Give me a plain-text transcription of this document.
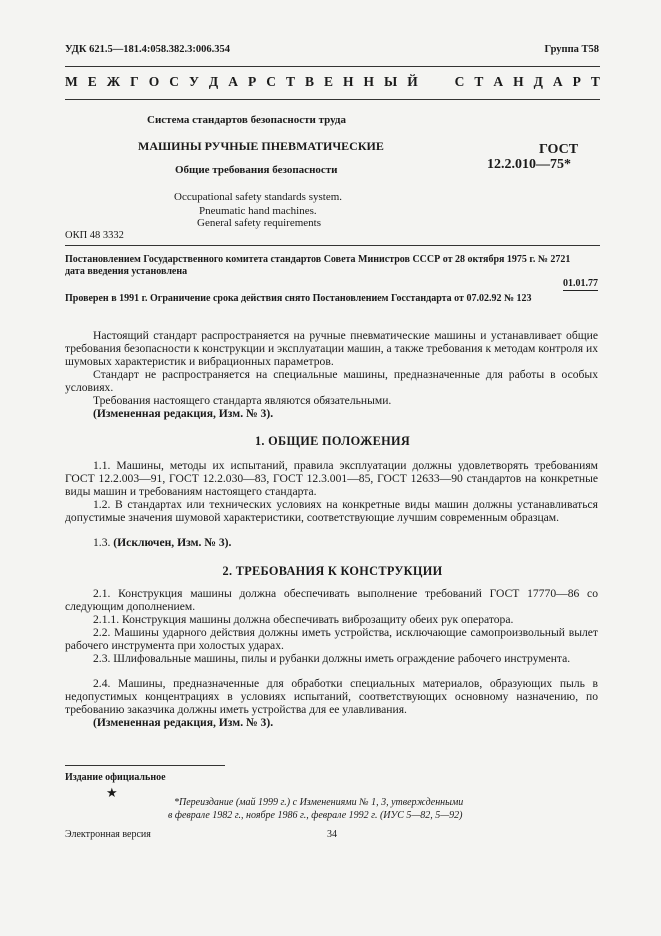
УДК 621.5—181.4:058.382.3:006.354	Группа Т58
М Е Ж Г О С У Д А Р С Т В Е Н Н Ы Й

	С Т А Н Д А Р Т
Система стандартов безопасности труда
МАШИНЫ РУЧНЫЕ ПНЕВМАТИЧЕСКИЕ
Общие требования безопасности
Occupational safety standards system.
Pneumatic hand machines.
General safety requirements
ГОСТ
12.2.010—75*
ОКП 48 3332
Постановлением Государственного комитета стандартов Совета Министров СССР от 28 октября 1975 г. № 2721
дата введения установлена
01.01.77
Проверен в 1991 г. Ограничение срока действия снято Постановлением Госстандарта от 07.02.92 № 123

Настоящий стандарт распространяется на ручные пневматические машины и устанавливает общие требования безопасности к конструкции и эксплуатации машин, а также требования к методам контроля их шумовых характеристик и вибрационных параметров.

Стандарт не распространяется на специальные машины, предназначенные для работы в особых условиях.

Требования настоящего стандарта являются обязательными.

(Измененная редакция, Изм. № 3).

1. ОБЩИЕ ПОЛОЖЕНИЯ

1.1. Машины, методы их испытаний, правила эксплуатации должны удовлетворять требованиям ГОСТ 12.2.003—91, ГОСТ 12.2.030—83, ГОСТ 12.3.001—85, ГОСТ 12633—90 стандартов на конкретные виды машин и требованиям настоящего стандарта.

1.2. В стандартах или технических условиях на конкретные виды машин должны устанавливаться допустимые значения шумовой характеристики, соответствующие лучшим современным образцам.

1.3. (Исключен, Изм. № 3).

2. ТРЕБОВАНИЯ К КОНСТРУКЦИИ

2.1. Конструкция машины должна обеспечивать выполнение требований ГОСТ 17770—86 со следующим дополнением.

2.1.1. Конструкция машины должна обеспечивать виброзащиту обеих рук оператора.

2.2. Машины ударного действия должны иметь устройства, исключающие самопроизвольный вылет рабочего инструмента при холостых ударах.

2.3. Шлифовальные машины, пилы и рубанки должны иметь ограждение рабочего инструмента.

2.4. Машины, предназначенные для обработки специальных материалов, образующих пыль в недопустимых концентрациях в условиях испытаний, соответствующих основному назначению, по требованию заказчика должны иметь устройства для ее улавливания.

(Измененная редакция, Изм. № 3).

Издание официальное
★
*Переиздание (май 1999 г.) с Изменениями № 1, 3, утвержденными
в феврале 1982 г., ноябре 1986 г., феврале 1992 г. (ИУС 5—82, 5—92)
Электронная версия	34
